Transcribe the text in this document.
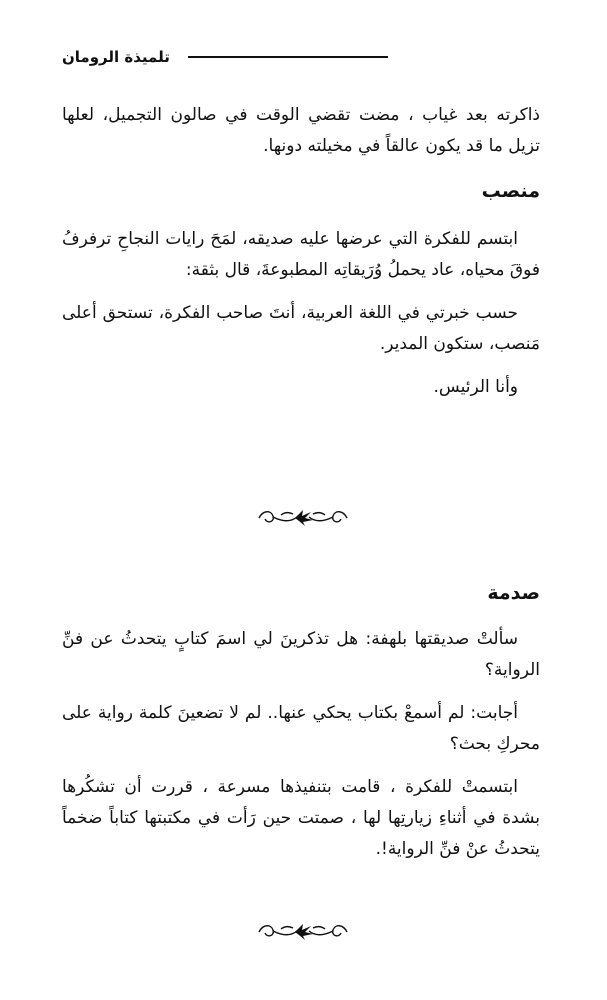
تلميذة الرومان

ذاكرته بعد غياب ، مضت تقضي الوقت في صالون التجميل، لعلها تزيل ما قد يكون عالقاً في مخيلته دونها.

منصب

ابتسم للفكرة التي عرضها عليه صديقه، لمَحَ رايات النجاحِ ترفرفُ فوقَ محياه، عاد يحملُ وُرَيقاتِه المطبوعةَ، قال بثقة:

حسب خبرتي في اللغة العربية، أنتَ صاحب الفكرة، تستحق أعلى مَنصب، ستكون المدير.

وأنا الرئيس.

صدمة

سألتْ صديقتها بلهفة: هل تذكرينَ لي اسمَ كتابٍ يتحدثُ عن فنِّ الرواية؟

أجابت: لم أسمعْ بكتاب يحكي عنها.. لم لا تضعينَ كلمة رواية على محركِ بحث؟

ابتسمتْ للفكرة ، قامت بتنفيذها مسرعة ، قررت أن تشكُرها بشدة في أثناءِ زيارتِها لها ، صمتت حين رَأت في مكتبتها كتاباً ضخماً يتحدثُ عنْ فنِّ الرواية!.
